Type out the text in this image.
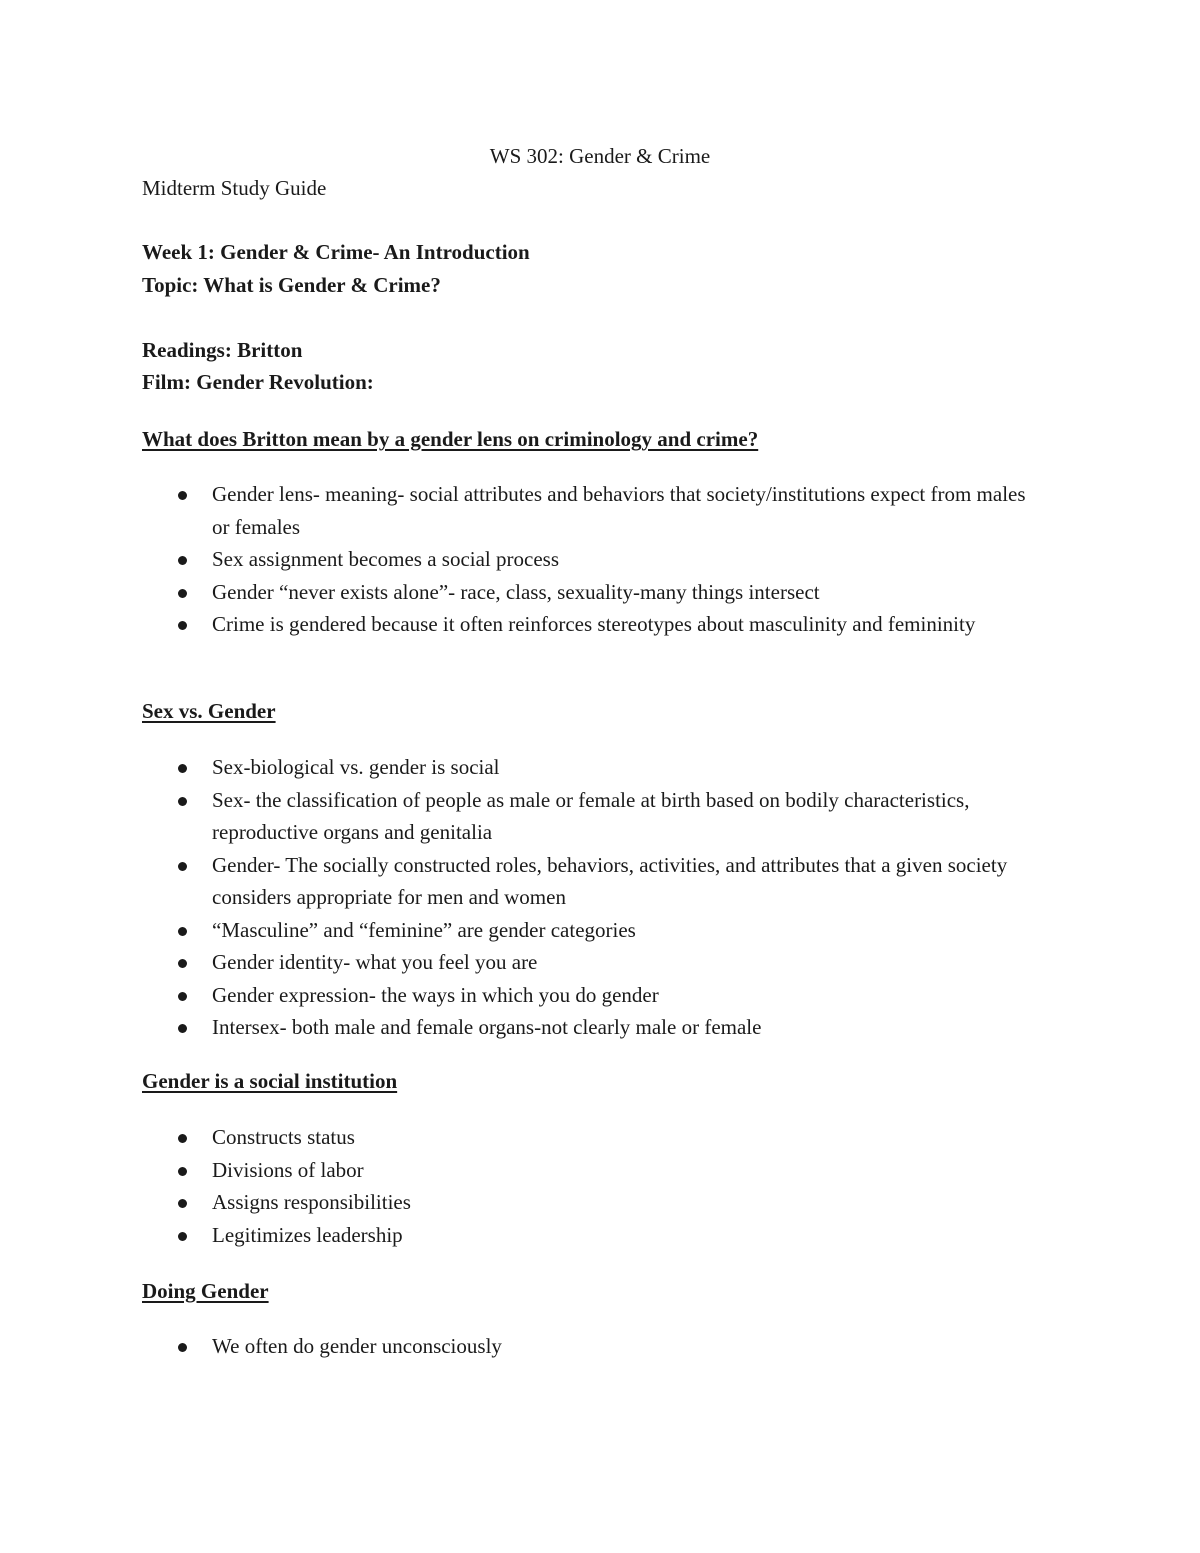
WS 302: Gender & Crime
Midterm Study Guide
Week 1: Gender & Crime- An Introduction
Topic: What is Gender & Crime?
Readings: Britton
Film: Gender Revolution:
What does Britton mean by a gender lens on criminology and crime?
Gender lens- meaning- social attributes and behaviors that society/institutions expect from males or females
Sex assignment becomes a social process
Gender “never exists alone”- race, class, sexuality-many things intersect
Crime is gendered because it often reinforces stereotypes about masculinity and femininity
Sex vs. Gender
Sex-biological vs. gender is social
Sex- the classification of people as male or female at birth based on bodily characteristics, reproductive organs and genitalia
Gender- The socially constructed roles, behaviors, activities, and attributes that a given society considers appropriate for men and women
“Masculine” and “feminine” are gender categories
Gender identity- what you feel you are
Gender expression- the ways in which you do gender
Intersex- both male and female organs-not clearly male or female
Gender is a social institution
Constructs status
Divisions of labor
Assigns responsibilities
Legitimizes leadership
Doing Gender
We often do gender unconsciously
